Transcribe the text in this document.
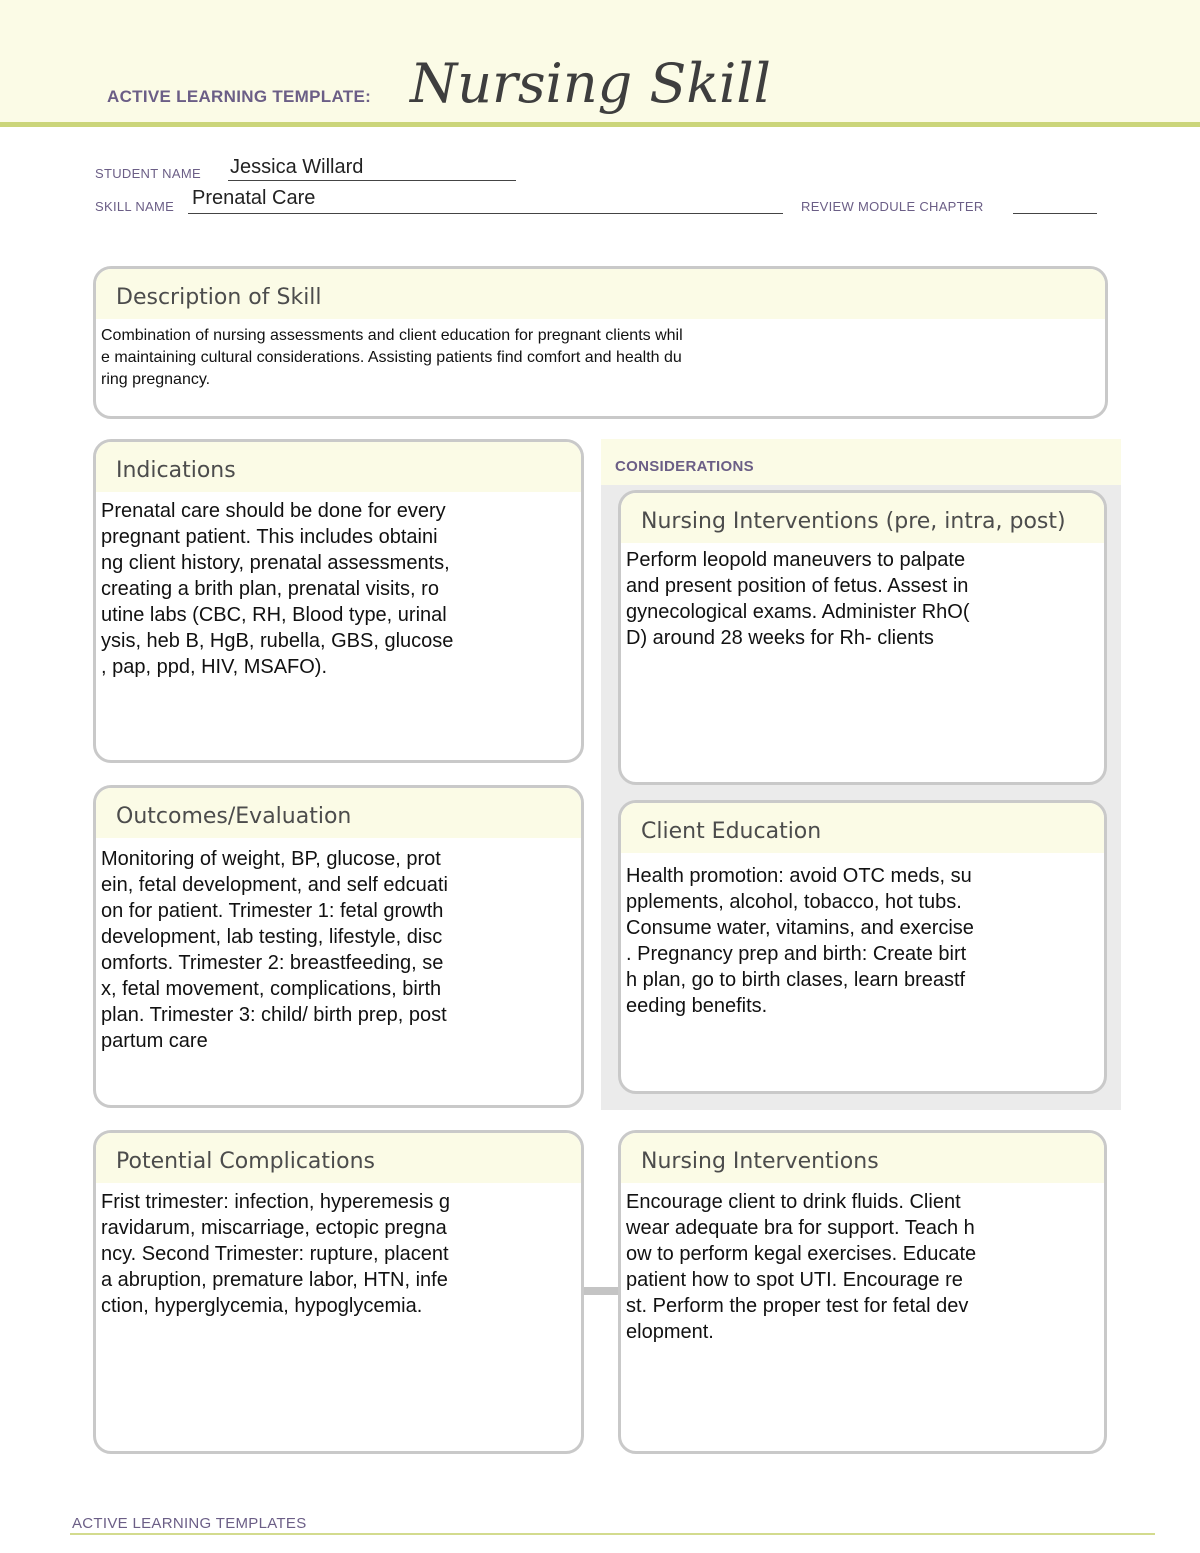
ACTIVE LEARNING TEMPLATE: Nursing Skill
STUDENT NAME Jessica Willard
SKILL NAME Prenatal Care	REVIEW MODULE CHAPTER
Description of Skill
Combination of nursing assessments and client education for pregnant clients whil
e maintaining cultural considerations. Assisting patients find comfort and health du
ring pregnancy.
Indications
Prenatal care should be done for every
pregnant patient. This includes obtaini
ng client history, prenatal assessments,
creating a brith plan, prenatal visits, ro
utine labs (CBC, RH, Blood type, urinal
ysis, heb B, HgB, rubella, GBS, glucose
, pap, ppd, HIV, MSAFO).
CONSIDERATIONS
Nursing Interventions (pre, intra, post)
Perform leopold maneuvers to palpate
and present position of fetus. Assest in
gynecological exams. Administer RhO(
D) around 28 weeks for Rh- clients
Outcomes/Evaluation
Monitoring of weight, BP, glucose, prot
ein, fetal development, and self edcuati
on for patient. Trimester 1: fetal growth
development, lab testing, lifestyle, disc
omforts. Trimester 2: breastfeeding, se
x, fetal movement, complications, birth
plan. Trimester 3: child/ birth prep, post
partum care
Client Education
Health promotion: avoid OTC meds, su
pplements, alcohol, tobacco, hot tubs.
Consume water, vitamins, and exercise
. Pregnancy prep and birth: Create birt
h plan, go to birth clases, learn breastf
eeding benefits.
Potential Complications
Frist trimester: infection, hyperemesis g
ravidarum, miscarriage, ectopic pregna
ncy. Second Trimester: rupture, placent
a abruption, premature labor, HTN, infe
ction, hyperglycemia, hypoglycemia.
Nursing Interventions
Encourage client to drink fluids. Client
wear adequate bra for support. Teach h
ow to perform kegal exercises. Educate
patient how to spot UTI. Encourage re
st. Perform the proper test for fetal dev
elopment.
ACTIVE LEARNING TEMPLATES
